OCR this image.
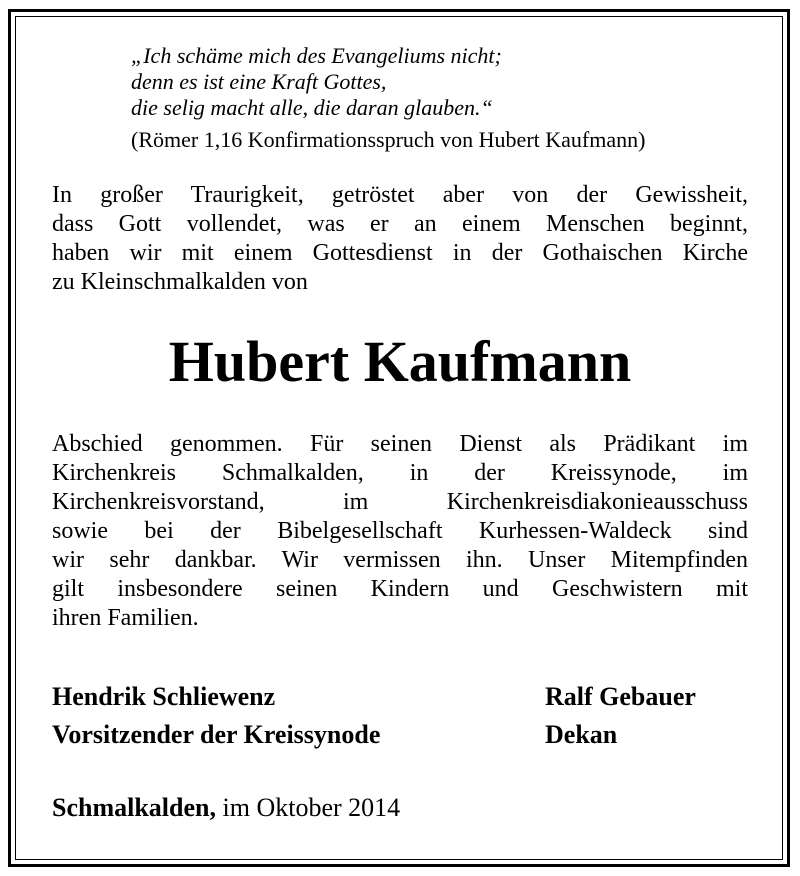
„Ich schäme mich des Evangeliums nicht;
denn es ist eine Kraft Gottes,
die selig macht alle, die daran glauben.“
(Römer 1,16 Konfirmationsspruch von Hubert Kaufmann)
In großer Traurigkeit, getröstet aber von der Gewissheit,
dass Gott vollendet, was er an einem Menschen beginnt,
haben wir mit einem Gottesdienst in der Gothaischen Kirche
zu Kleinschmalkalden von
Hubert Kaufmann
Abschied genommen. Für seinen Dienst als Prädikant im
Kirchenkreis Schmalkalden, in der Kreissynode, im
Kirchenkreisvorstand, im Kirchenkreisdiakonieausschuss
sowie bei der Bibelgesellschaft Kurhessen-Waldeck sind
wir sehr dankbar. Wir vermissen ihn. Unser Mitempfinden
gilt insbesondere seinen Kindern und Geschwistern mit
ihren Familien.
Hendrik Schliewenz
Vorsitzender der Kreissynode
Ralf Gebauer
Dekan
Schmalkalden, im Oktober 2014
